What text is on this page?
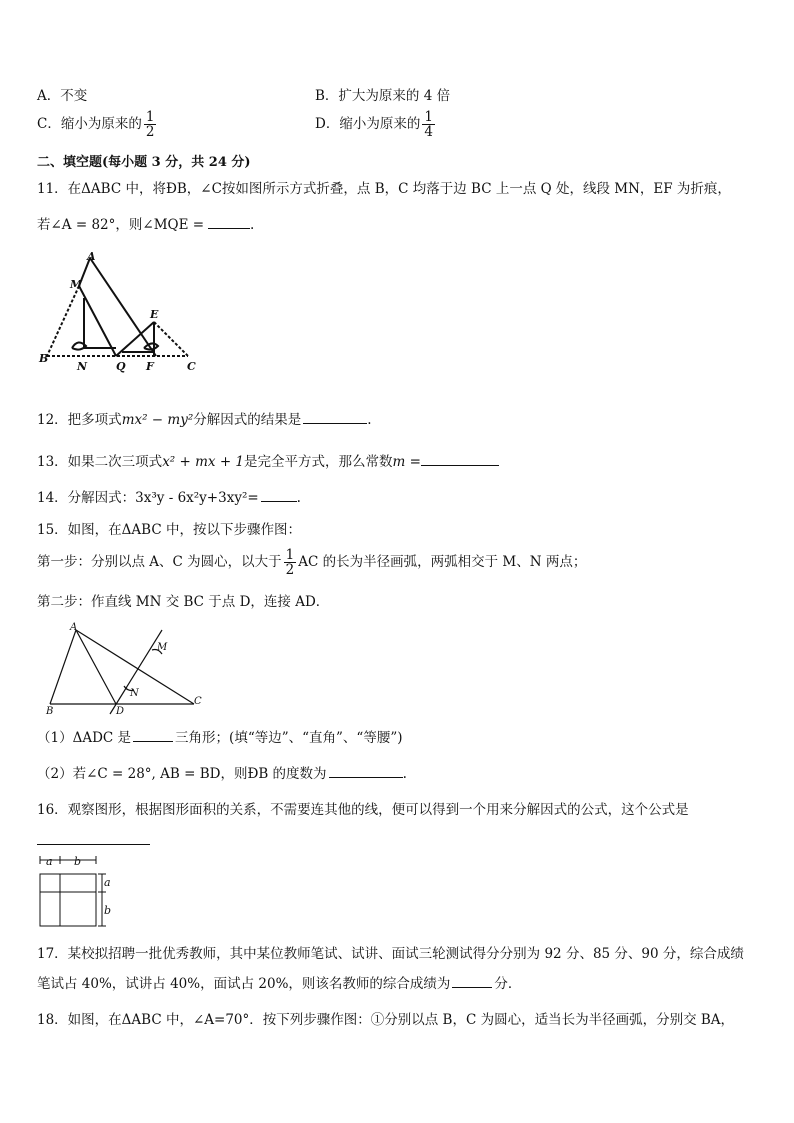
A．不变	B．扩大为原来的 4 倍
C．缩小为原来的 $\frac{1}{2}$	D．缩小为原来的 $\frac{1}{4}$
二、填空题(每小题 3 分，共 24 分)
11．在ΔABC 中，将ÐB，∠C按如图所示方式折叠，点 B，C 均落于边 BC 上一点 Q 处，线段 MN，EF 为折痕，
若∠A = 82°，则∠MQE =	.
A
M
E
B
N	Q F	C
12．把多项式mx² − my²分解因式的结果是	.
13．如果二次三项式x² + mx + 1是完全平方式，那么常数m =
14．分解因式：3x³y - 6x²y+3xy²=	.
15．如图，在ΔABC 中，按以下步骤作图：
第一步：分别以点 A、C 为圆心，以大于 $\frac{1}{2}$ AC 的长为半径画弧，两弧相交于 M、N 两点；
第二步：作直线 MN 交 BC 于点 D，连接 AD．
A
M
N
B	D
C
（1）ΔADC 是	三角形；(填“等边”、“直角”、“等腰”)
（2）若∠C = 28°, AB = BD，则ÐB 的度数为	.
16．观察图形，根据图形面积的关系，不需要连其他的线，便可以得到一个用来分解因式的公式，这个公式是
a b
a
b
17．某校拟招聘一批优秀教师，其中某位教师笔试、试讲、面试三轮测试得分分别为 92 分、85 分、90 分，综合成绩
笔试占 40%，试讲占 40%，面试占 20%，则该名教师的综合成绩为	分．
18．如图，在ΔABC 中，∠A=70°．按下列步骤作图：①分别以点 B，C 为圆心，适当长为半径画弧，分别交 BA，
